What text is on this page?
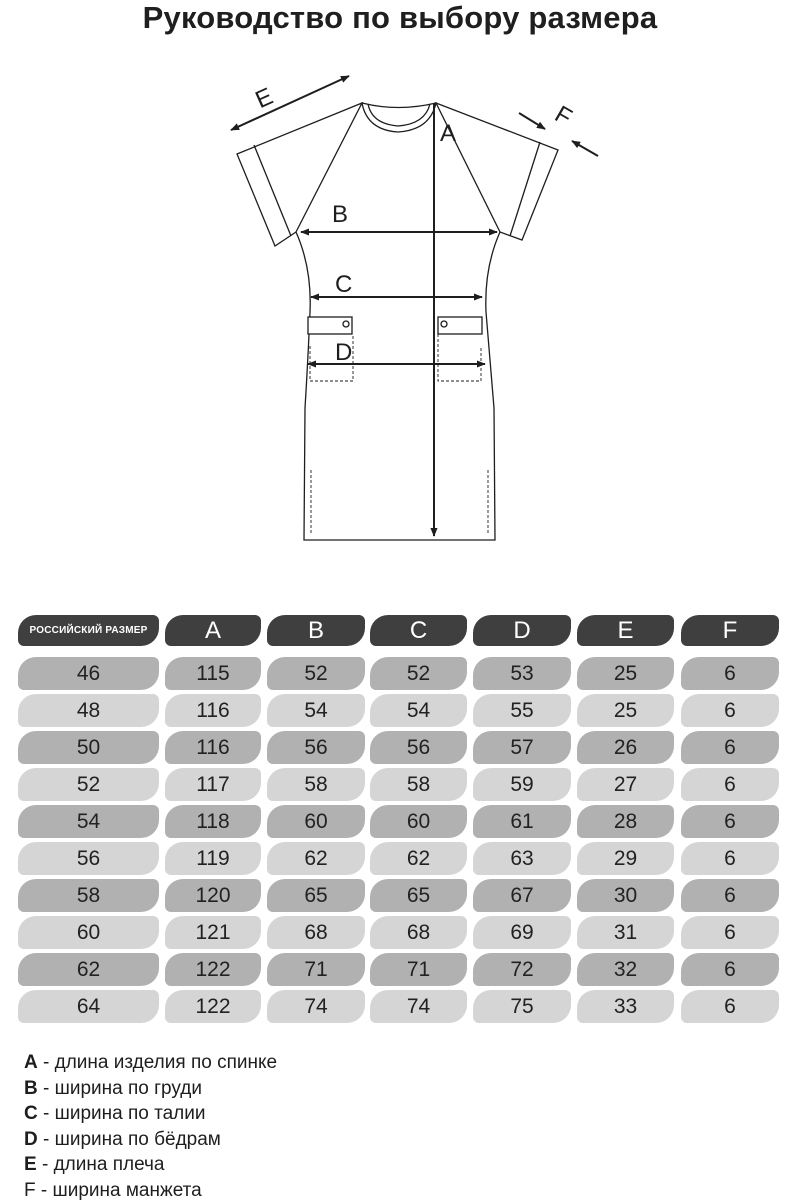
Руководство по выбору размера
A
B
C
D
E
F
РОССИЙСКИЙ РАЗМЕР	A	B	C	D	E	F
46	115	52	52	53	25	6
48	116	54	54	55	25	6
50	116	56	56	57	26	6
52	117	58	58	59	27	6
54	118	60	60	61	28	6
56	119	62	62	63	29	6
58	120	65	65	67	30	6
60	121	68	68	69	31	6
62	122	71	71	72	32	6
64	122	74	74	75	33	6
A - длина изделия по спинке
B - ширина по груди
C - ширина по талии
D - ширина по бёдрам
E - длина плеча
F - ширина манжета
